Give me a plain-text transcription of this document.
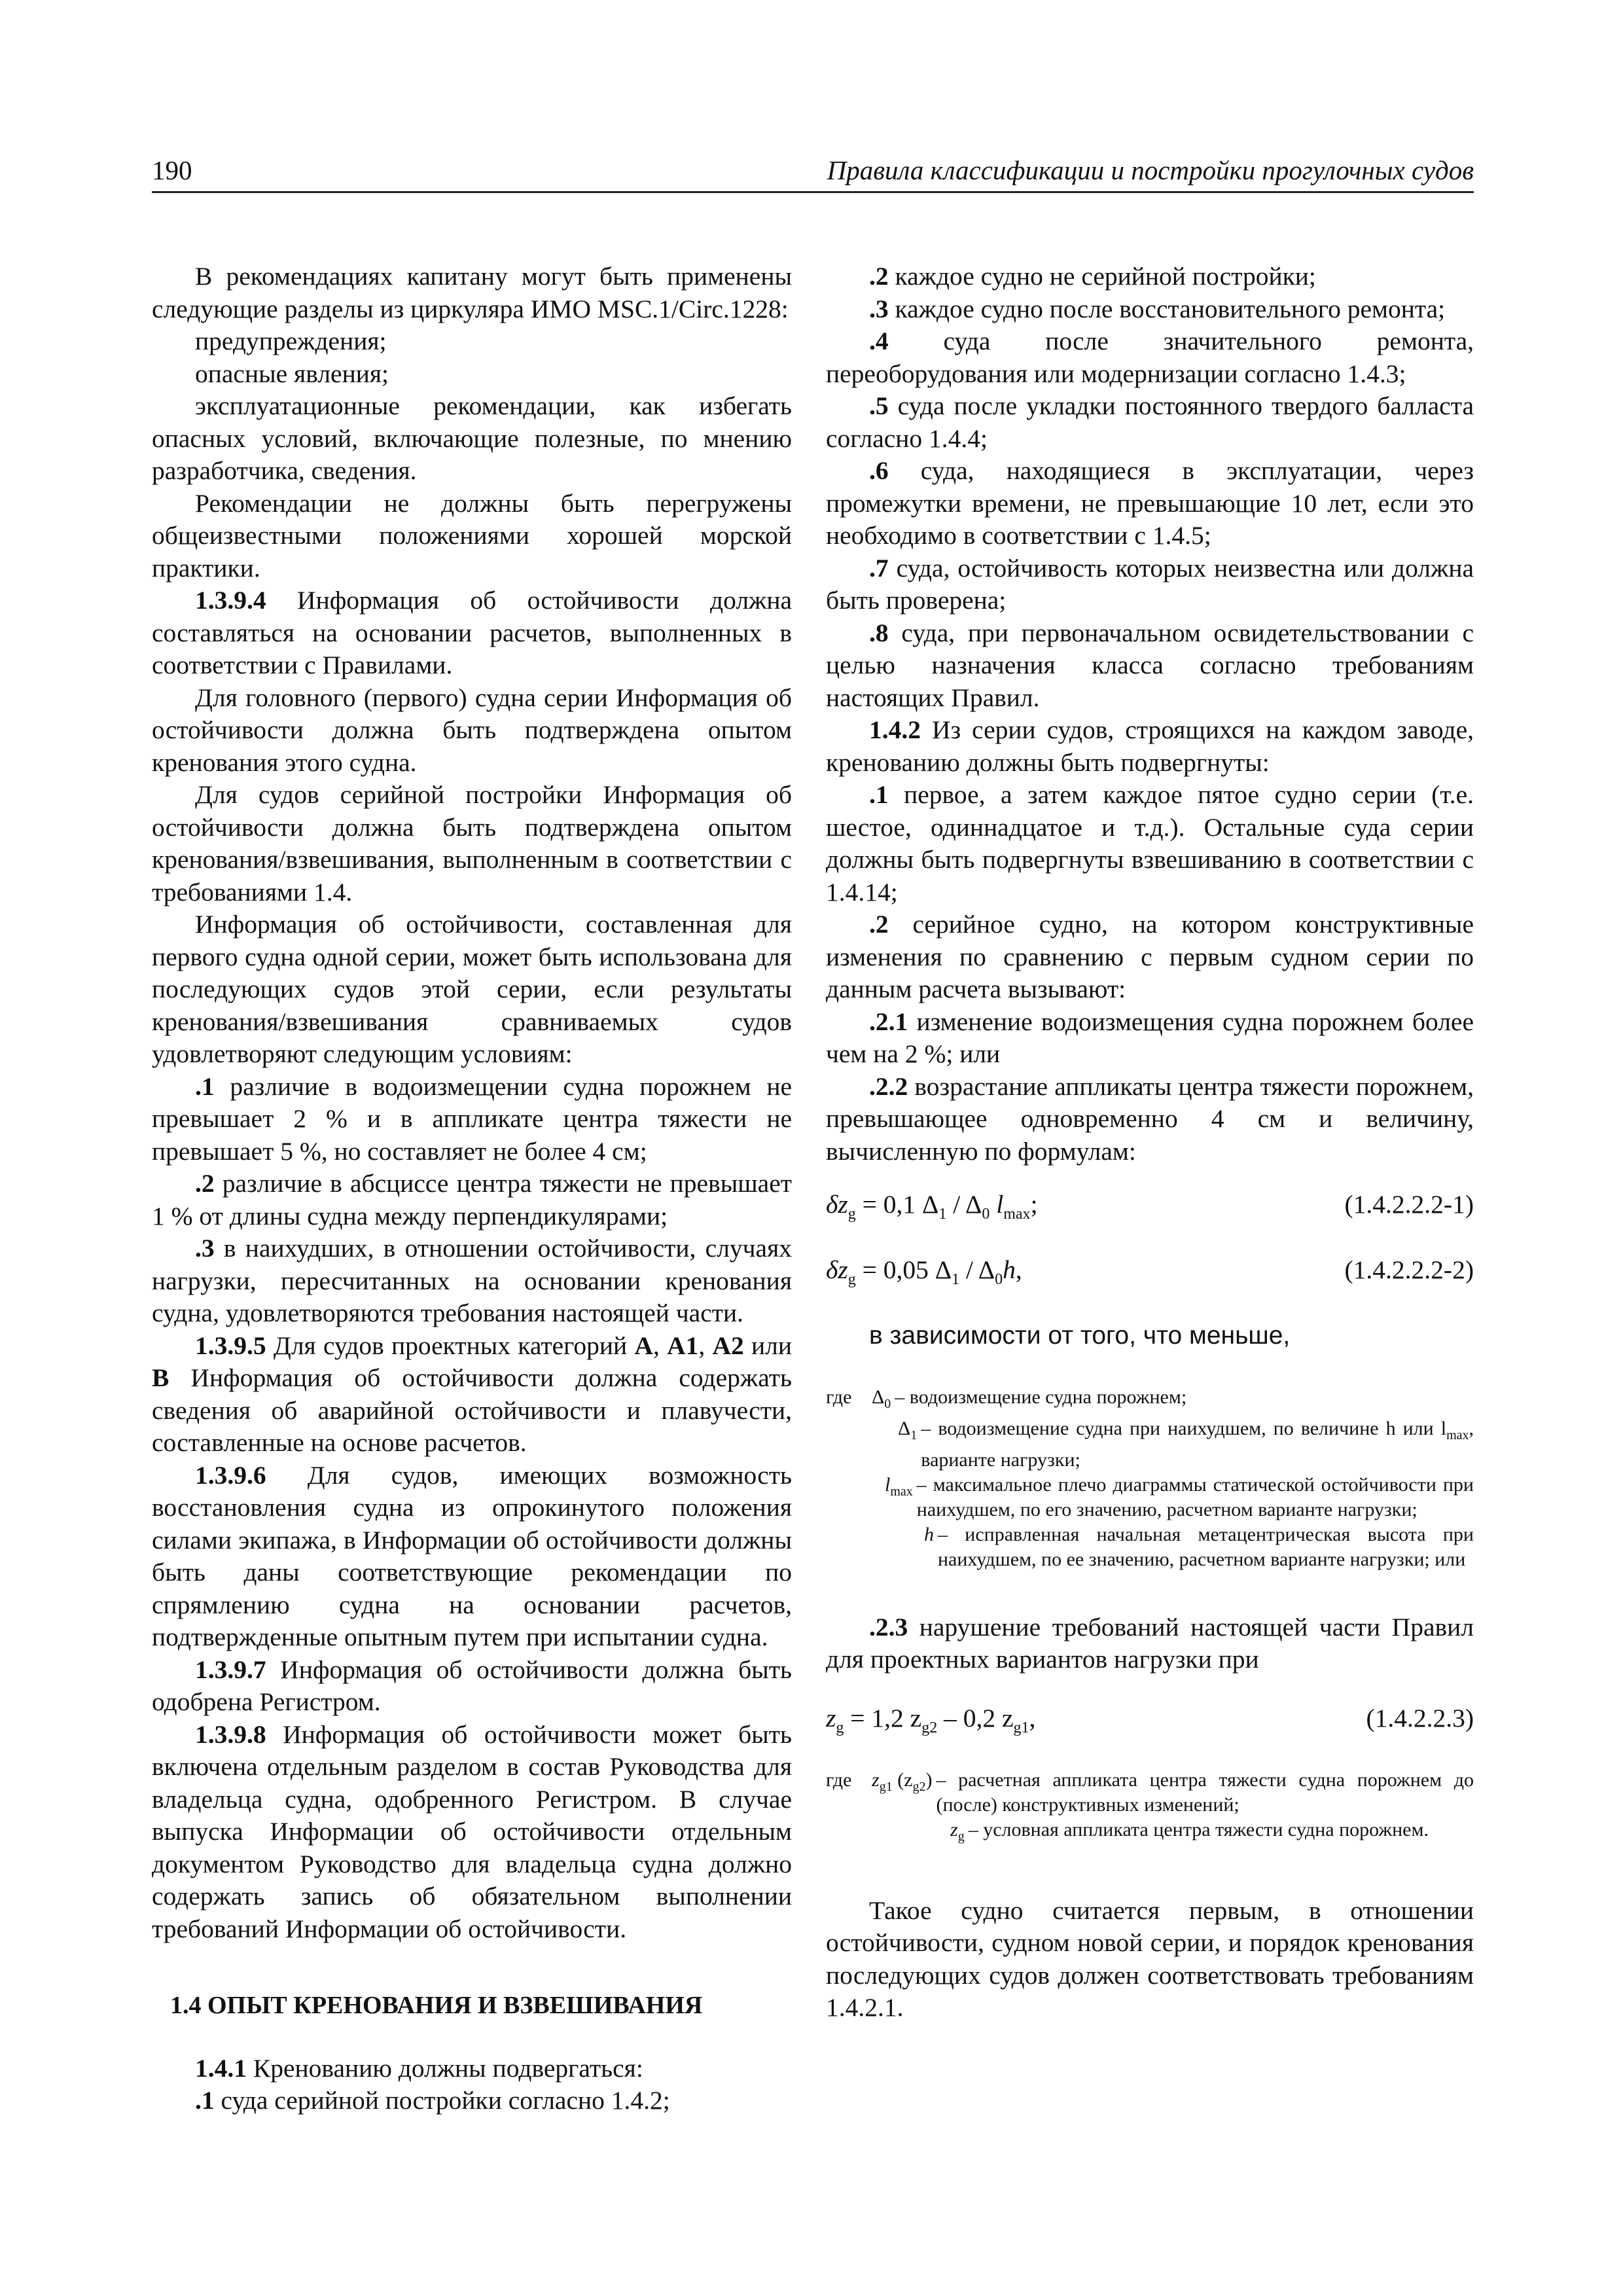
190	Правила классификации и постройки прогулочных судов

В рекомендациях капитану могут быть применены следующие разделы из циркуляра ИМО MSC.1/Circ.1228:

предупреждения;

опасные явления;

эксплуатационные рекомендации, как избегать опасных условий, включающие полезные, по мнению разработчика, сведения.

Рекомендации не должны быть перегружены общеизвестными положениями хорошей морской практики.

1.3.9.4 Информация об остойчивости должна составляться на основании расчетов, выполненных в соответствии с Правилами.

Для головного (первого) судна серии Информация об остойчивости должна быть подтверждена опытом кренования этого судна.

Для судов серийной постройки Информация об остойчивости должна быть подтверждена опытом кренования/взвешивания, выполненным в соответствии с требованиями 1.4.

Информация об остойчивости, составленная для первого судна одной серии, может быть использована для последующих судов этой серии, если результаты кренования/взвешивания сравниваемых судов удовлетворяют следующим условиям:

.1 различие в водоизмещении судна порожнем не превышает 2 % и в аппликате центра тяжести не превышает 5 %, но составляет не более 4 см;

.2 различие в абсциссе центра тяжести не превышает 1 % от длины судна между перпендикулярами;

.3 в наихудших, в отношении остойчивости, случаях нагрузки, пересчитанных на основании кренования судна, удовлетворяются требования настоящей части.

1.3.9.5 Для судов проектных категорий A, A1, A2 или B Информация об остойчивости должна содержать сведения об аварийной остойчивости и плавучести, составленные на основе расчетов.

1.3.9.6 Для судов, имеющих возможность восстановления судна из опрокинутого положения силами экипажа, в Информации об остойчивости должны быть даны соответствующие рекомендации по спрямлению судна на основании расчетов, подтвержденные опытным путем при испытании судна.

1.3.9.7 Информация об остойчивости должна быть одобрена Регистром.

1.3.9.8 Информация об остойчивости может быть включена отдельным разделом в состав Руководства для владельца судна, одобренного Регистром. В случае выпуска Информации об остойчивости отдельным документом Руководство для владельца судна должно содержать запись об обязательном выполнении требований Информации об остойчивости.

1.4 ОПЫТ КРЕНОВАНИЯ И ВЗВЕШИВАНИЯ

1.4.1 Кренованию должны подвергаться:

.1 суда серийной постройки согласно 1.4.2;

.2 каждое судно не серийной постройки;

.3 каждое судно после восстановительного ремонта;

.4 суда после значительного ремонта, переоборудования или модернизации согласно 1.4.3;

.5 суда после укладки постоянного твердого балласта согласно 1.4.4;

.6 суда, находящиеся в эксплуатации, через промежутки времени, не превышающие 10 лет, если это необходимо в соответствии с 1.4.5;

.7 суда, остойчивость которых неизвестна или должна быть проверена;

.8 суда, при первоначальном освидетельствовании с целью назначения класса согласно требованиям настоящих Правил.

1.4.2 Из серии судов, строящихся на каждом заводе, кренованию должны быть подвергнуты:

.1 первое, а затем каждое пятое судно серии (т.е. шестое, одиннадцатое и т.д.). Остальные суда серии должны быть подвергнуты взвешиванию в соответствии с 1.4.14;

.2 серийное судно, на котором конструктивные изменения по сравнению с первым судном серии по данным расчета вызывают:

.2.1 изменение водоизмещения судна порожнем более чем на 2 %; или

.2.2 возрастание аппликаты центра тяжести порожнем, превышающее одновременно 4 см и величину, вычисленную по формулам:

$\delta z_g = 0,1$ $\Delta_1 / \Delta_0$ $l_{max}$;	(1.4.2.2.2-1)
$\delta z_g = 0,05$ $\Delta_1 / \Delta_0h$,	(1.4.2.2.2-2)

в зависимости от того, что меньше,

где	$\Delta_0$ – водоизмещение судна порожнем;
$\Delta_1$ – водоизмещение судна при наихудшем, по величине h или $l_{max}$, варианте нагрузки;
$l_{max}$ – максимальное плечо диаграммы статической остойчивости при наихудшем, по его значению, расчетном варианте нагрузки;
h – исправленная начальная метацентрическая высота при наихудшем, по ее значению, расчетном варианте нагрузки; или

.2.3 нарушение требований настоящей части Правил для проектных вариантов нагрузки при

$z_g = 1,2$ $z_{g2} - 0,2$ $z_{g1}$,	(1.4.2.2.3)
где	$z_{g1}$ $(z_{g2})$ – расчетная аппликата центра тяжести судна порожнем до (после) конструктивных изменений;
$z_g$ – условная аппликата центра тяжести судна порожнем.

Такое судно считается первым, в отношении остойчивости, судном новой серии, и порядок кренования последующих судов должен соответствовать требованиям 1.4.2.1.
